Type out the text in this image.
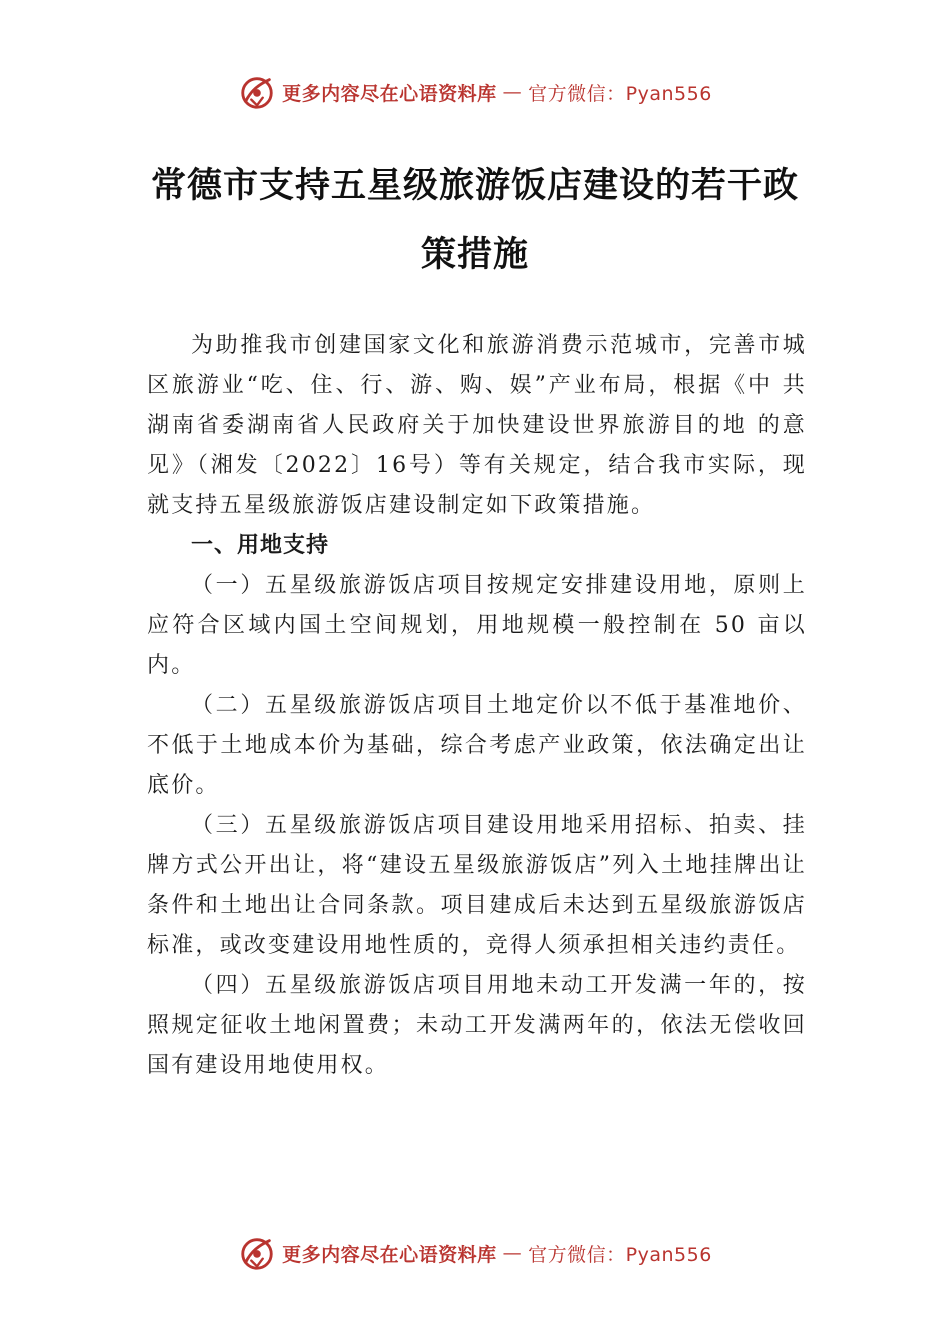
更多内容尽在心语资料库 — 官方微信：Pyan556
常德市支持五星级旅游饭店建设的若干政
策措施

为助推我市创建国家文化和旅游消费示范城市，完善市城区旅游业“吃、住、行、游、购、娱”产业布局，根据《中 共湖南省委湖南省人民政府关于加快建设世界旅游目的地 的意见》（湘发〔2022〕16号）等有关规定，结合我市实际，现就支持五星级旅游饭店建设制定如下政策措施。

一、用地支持

（一）五星级旅游饭店项目按规定安排建设用地，原则上应符合区域内国土空间规划，用地规模一般控制在 50 亩以内。

（二）五星级旅游饭店项目土地定价以不低于基准地价、不低于土地成本价为基础，综合考虑产业政策，依法确定出让底价。

（三）五星级旅游饭店项目建设用地采用招标、拍卖、挂牌方式公开出让，将“建设五星级旅游饭店”列入土地挂牌出让条件和土地出让合同条款。项目建成后未达到五星级旅游饭店标准，或改变建设用地性质的，竞得人须承担相关违约责任。

（四）五星级旅游饭店项目用地未动工开发满一年的，按照规定征收土地闲置费；未动工开发满两年的，依法无偿收回国有建设用地使用权。

更多内容尽在心语资料库 — 官方微信：Pyan556
